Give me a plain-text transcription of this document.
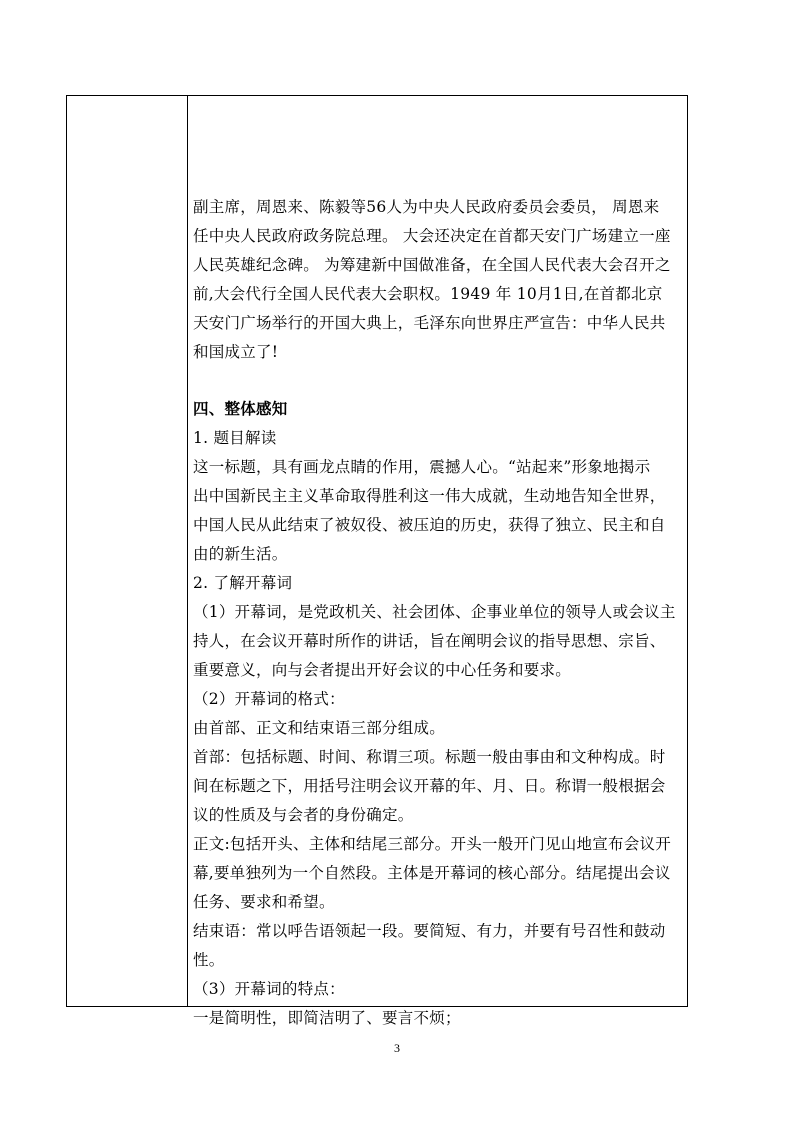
副主席，周恩来、陈毅等56人为中央人民政府委员会委员， 周恩来
任中央人民政府政务院总理。 大会还决定在首都天安门广场建立一座
人民英雄纪念碑。 为筹建新中国做准备，在全国人民代表大会召开之
前,大会代行全国人民代表大会职权。1949 年 10月1日,在首都北京
天安门广场举行的开国大典上，毛泽东向世界庄严宣告：中华人民共
和国成立了!
四、整体感知
1. 题目解读
这一标题，具有画龙点睛的作用，震撼人心。“站起来”形象地揭示
出中国新民主主义革命取得胜利这一伟大成就，生动地告知全世界，
中国人民从此结束了被奴役、被压迫的历史，获得了独立、民主和自
由的新生活。
2. 了解开幕词
（1）开幕词，是党政机关、社会团体、企事业单位的领导人或会议主
持人，在会议开幕时所作的讲话，旨在阐明会议的指导思想、宗旨、
重要意义，向与会者提出开好会议的中心任务和要求。
（2）开幕词的格式：
由首部、正文和结束语三部分组成。
首部：包括标题、时间、称谓三项。标题一般由事由和文种构成。时
间在标题之下，用括号注明会议开幕的年、月、日。称谓一般根据会
议的性质及与会者的身份确定。
正文:包括开头、主体和结尾三部分。开头一般开门见山地宣布会议开
幕,要单独列为一个自然段。主体是开幕词的核心部分。结尾提出会议
任务、要求和希望。
结束语：常以呼告语领起一段。要简短、有力，并要有号召性和鼓动
性。
（3）开幕词的特点：
一是简明性，即简洁明了、要言不烦；
3
